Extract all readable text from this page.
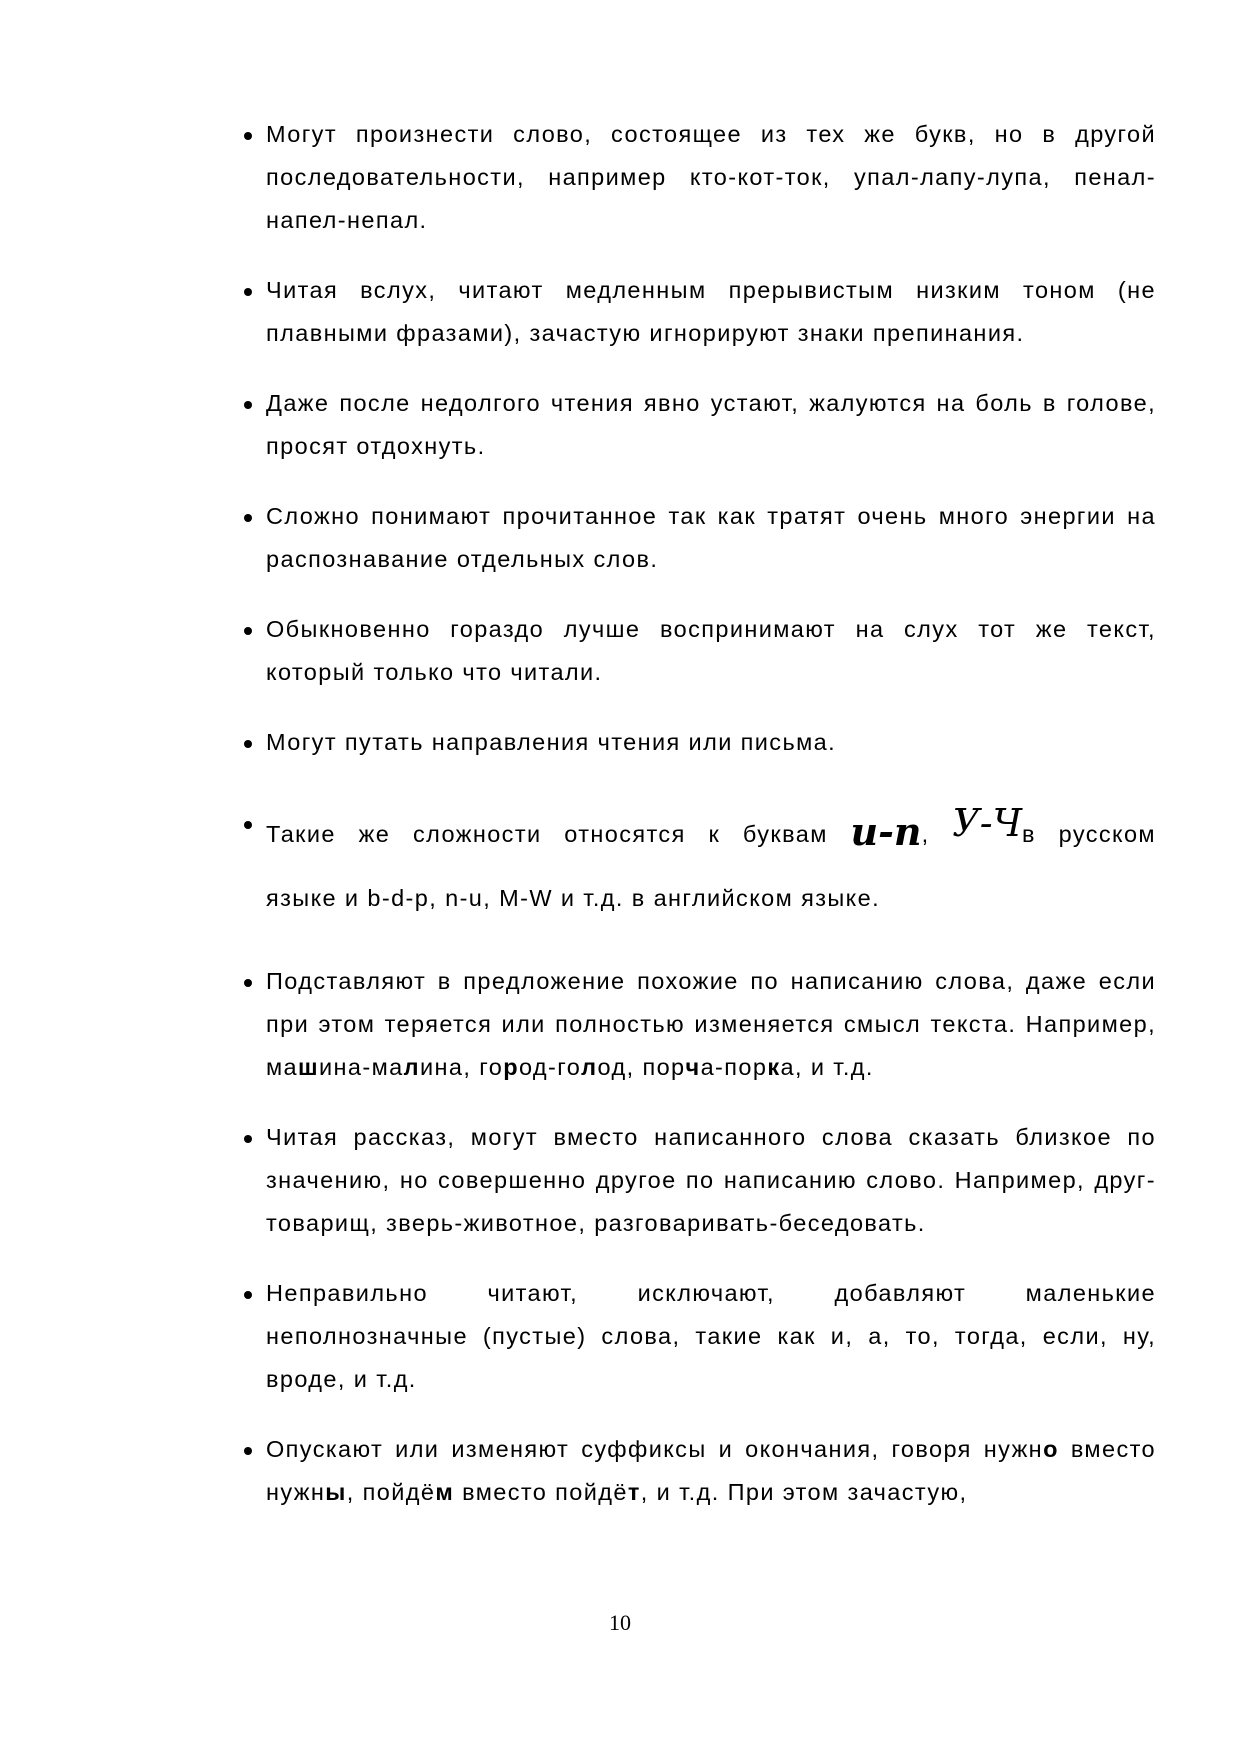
Могут произнести слово, состоящее из тех же букв, но в другой последовательности, например кто-кот-ток, упал-лапу-лупа, пенал-напел-непал.
Читая вслух, читают медленным прерывистым низким тоном (не плавными фразами), зачастую игнорируют знаки препинания.
Даже после недолгого чтения явно устают, жалуются на боль в голове, просят отдохнуть.
Сложно понимают прочитанное так как тратят очень много энергии на распознавание отдельных слов.
Обыкновенно гораздо лучше воспринимают на слух тот же текст, который только что читали.
Могут путать направления чтения или письма.
Такие же сложности относятся к буквам и-п, У-Чв русском
языке и b-d-p, n-u, M-W и т.д. в английском языке.
Подставляют в предложение похожие по написанию слова, даже если при этом теряется или полностью изменяется смысл текста. Например, машина-малина, город-голод, порча-порка, и т.д.
Читая рассказ, могут вместо написанного слова сказать близкое по значению, но совершенно другое по написанию слово. Например, друг-товарищ, зверь-животное, разговаривать-беседовать.
Неправильно читают, исключают, добавляют маленькие неполнозначные (пустые) слова, такие как и, а, то, тогда, если, ну, вроде, и т.д.
Опускают или изменяют суффиксы и окончания, говоря нужно вместо нужны, пойдём вместо пойдёт, и т.д. При этом зачастую,
10
